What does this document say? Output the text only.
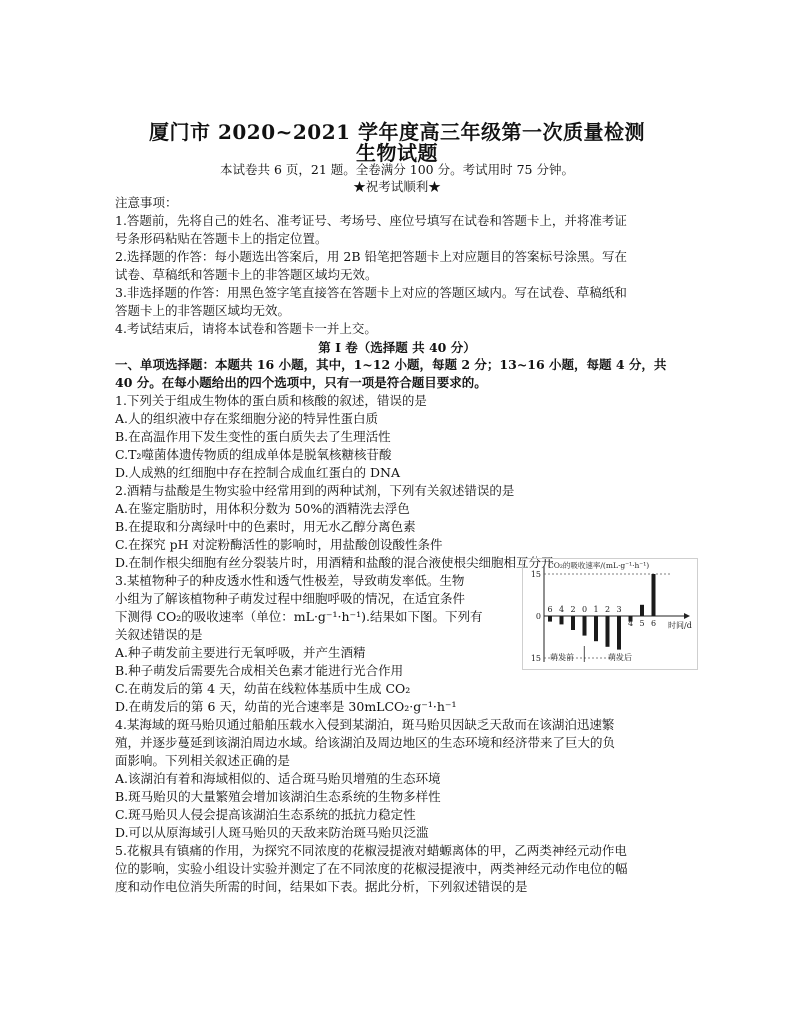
厦门市 2020~2021 学年度高三年级第一次质量检测
生物试题
本试卷共 6 页，21 题。全卷满分 100 分。考试用时 75 分钟。
★祝考试顺利★
注意事项：
1.答题前，先将自己的姓名、准考证号、考场号、座位号填写在试卷和答题卡上，并将准考证
号条形码粘贴在答题卡上的指定位置。
2.选择题的作答：每小题选出答案后，用 2B 铅笔把答题卡上对应题目的答案标号涂黑。写在
试卷、草稿纸和答题卡上的非答题区域均无效。
3.非选择题的作答：用黑色签字笔直接答在答题卡上对应的答题区域内。写在试卷、草稿纸和
答题卡上的非答题区域均无效。
4.考试结束后，请将本试卷和答题卡一并上交。
第 I 卷（选择题 共 40 分）
一、单项选择题：本题共 16 小题，其中，1~12 小题，每题 2 分；13~16 小题，每题 4 分，共
40 分。在每小题给出的四个选项中，只有一项是符合题目要求的。
1.下列关于组成生物体的蛋白质和核酸的叙述，错误的是
A.人的组织液中存在浆细胞分泌的特异性蛋白质
B.在高温作用下发生变性的蛋白质失去了生理活性
C.T₂噬菌体遗传物质的组成单体是脱氧核糖核苷酸
D.人成熟的红细胞中存在控制合成血红蛋白的 DNA
2.酒精与盐酸是生物实验中经常用到的两种试剂，下列有关叙述错误的是
A.在鉴定脂肪时，用体积分数为 50%的酒精洗去浮色
B.在提取和分离绿叶中的色素时，用无水乙醇分离色素
C.在探究 pH 对淀粉酶活性的影响时，用盐酸创设酸性条件
D.在制作根尖细胞有丝分裂装片时，用酒精和盐酸的混合液使根尖细胞相互分开
3.某植物种子的种皮透水性和透气性极差，导致萌发率低。生物
小组为了解该植物种子萌发过程中细胞呼吸的情况，在适宜条件
下测得 CO₂的吸收速率（单位：mL·g⁻¹·h⁻¹).结果如下图。下列有
关叙述错误的是
A.种子萌发前主要进行无氧呼吸，并产生酒精
B.种子萌发后需要先合成相关色素才能进行光合作用
C.在萌发后的第 4 天，幼苗在线粒体基质中生成 CO₂
D.在萌发后的第 6 天，幼苗的光合速率是 30mLCO₂·g⁻¹·h⁻¹
4.某海域的斑马贻贝通过船舶压载水入侵到某湖泊，斑马贻贝因缺乏天敌而在该湖泊迅速繁
殖，并逐步蔓延到该湖泊周边水域。给该湖泊及周边地区的生态环境和经济带来了巨大的负
面影响。下列相关叙述正确的是
A.该湖泊有着和海域相似的、适合斑马贻贝增殖的生态环境
B.斑马贻贝的大量繁殖会增加该湖泊生态系统的生物多样性
C.斑马贻贝人侵会提高该湖泊生态系统的抵抗力稳定性
D.可以从原海域引人斑马贻贝的天敌来防治斑马贻贝泛滥
5.花椒具有镇痛的作用，为探究不同浓度的花椒浸提液对蜡螈离体的甲，乙两类神经元动作电
位的影响，实验小组设计实验并测定了在不同浓度的花椒浸提液中，两类神经元动作电位的幅
度和动作电位消失所需的时间，结果如下表。据此分析，下列叙述错误的是
15
0
15
CO₂的吸收速率/(mL·g⁻¹·h⁻¹)
时间/d
6 4 2 0 1 2 3
4 5 6
萌发前	萌发后
